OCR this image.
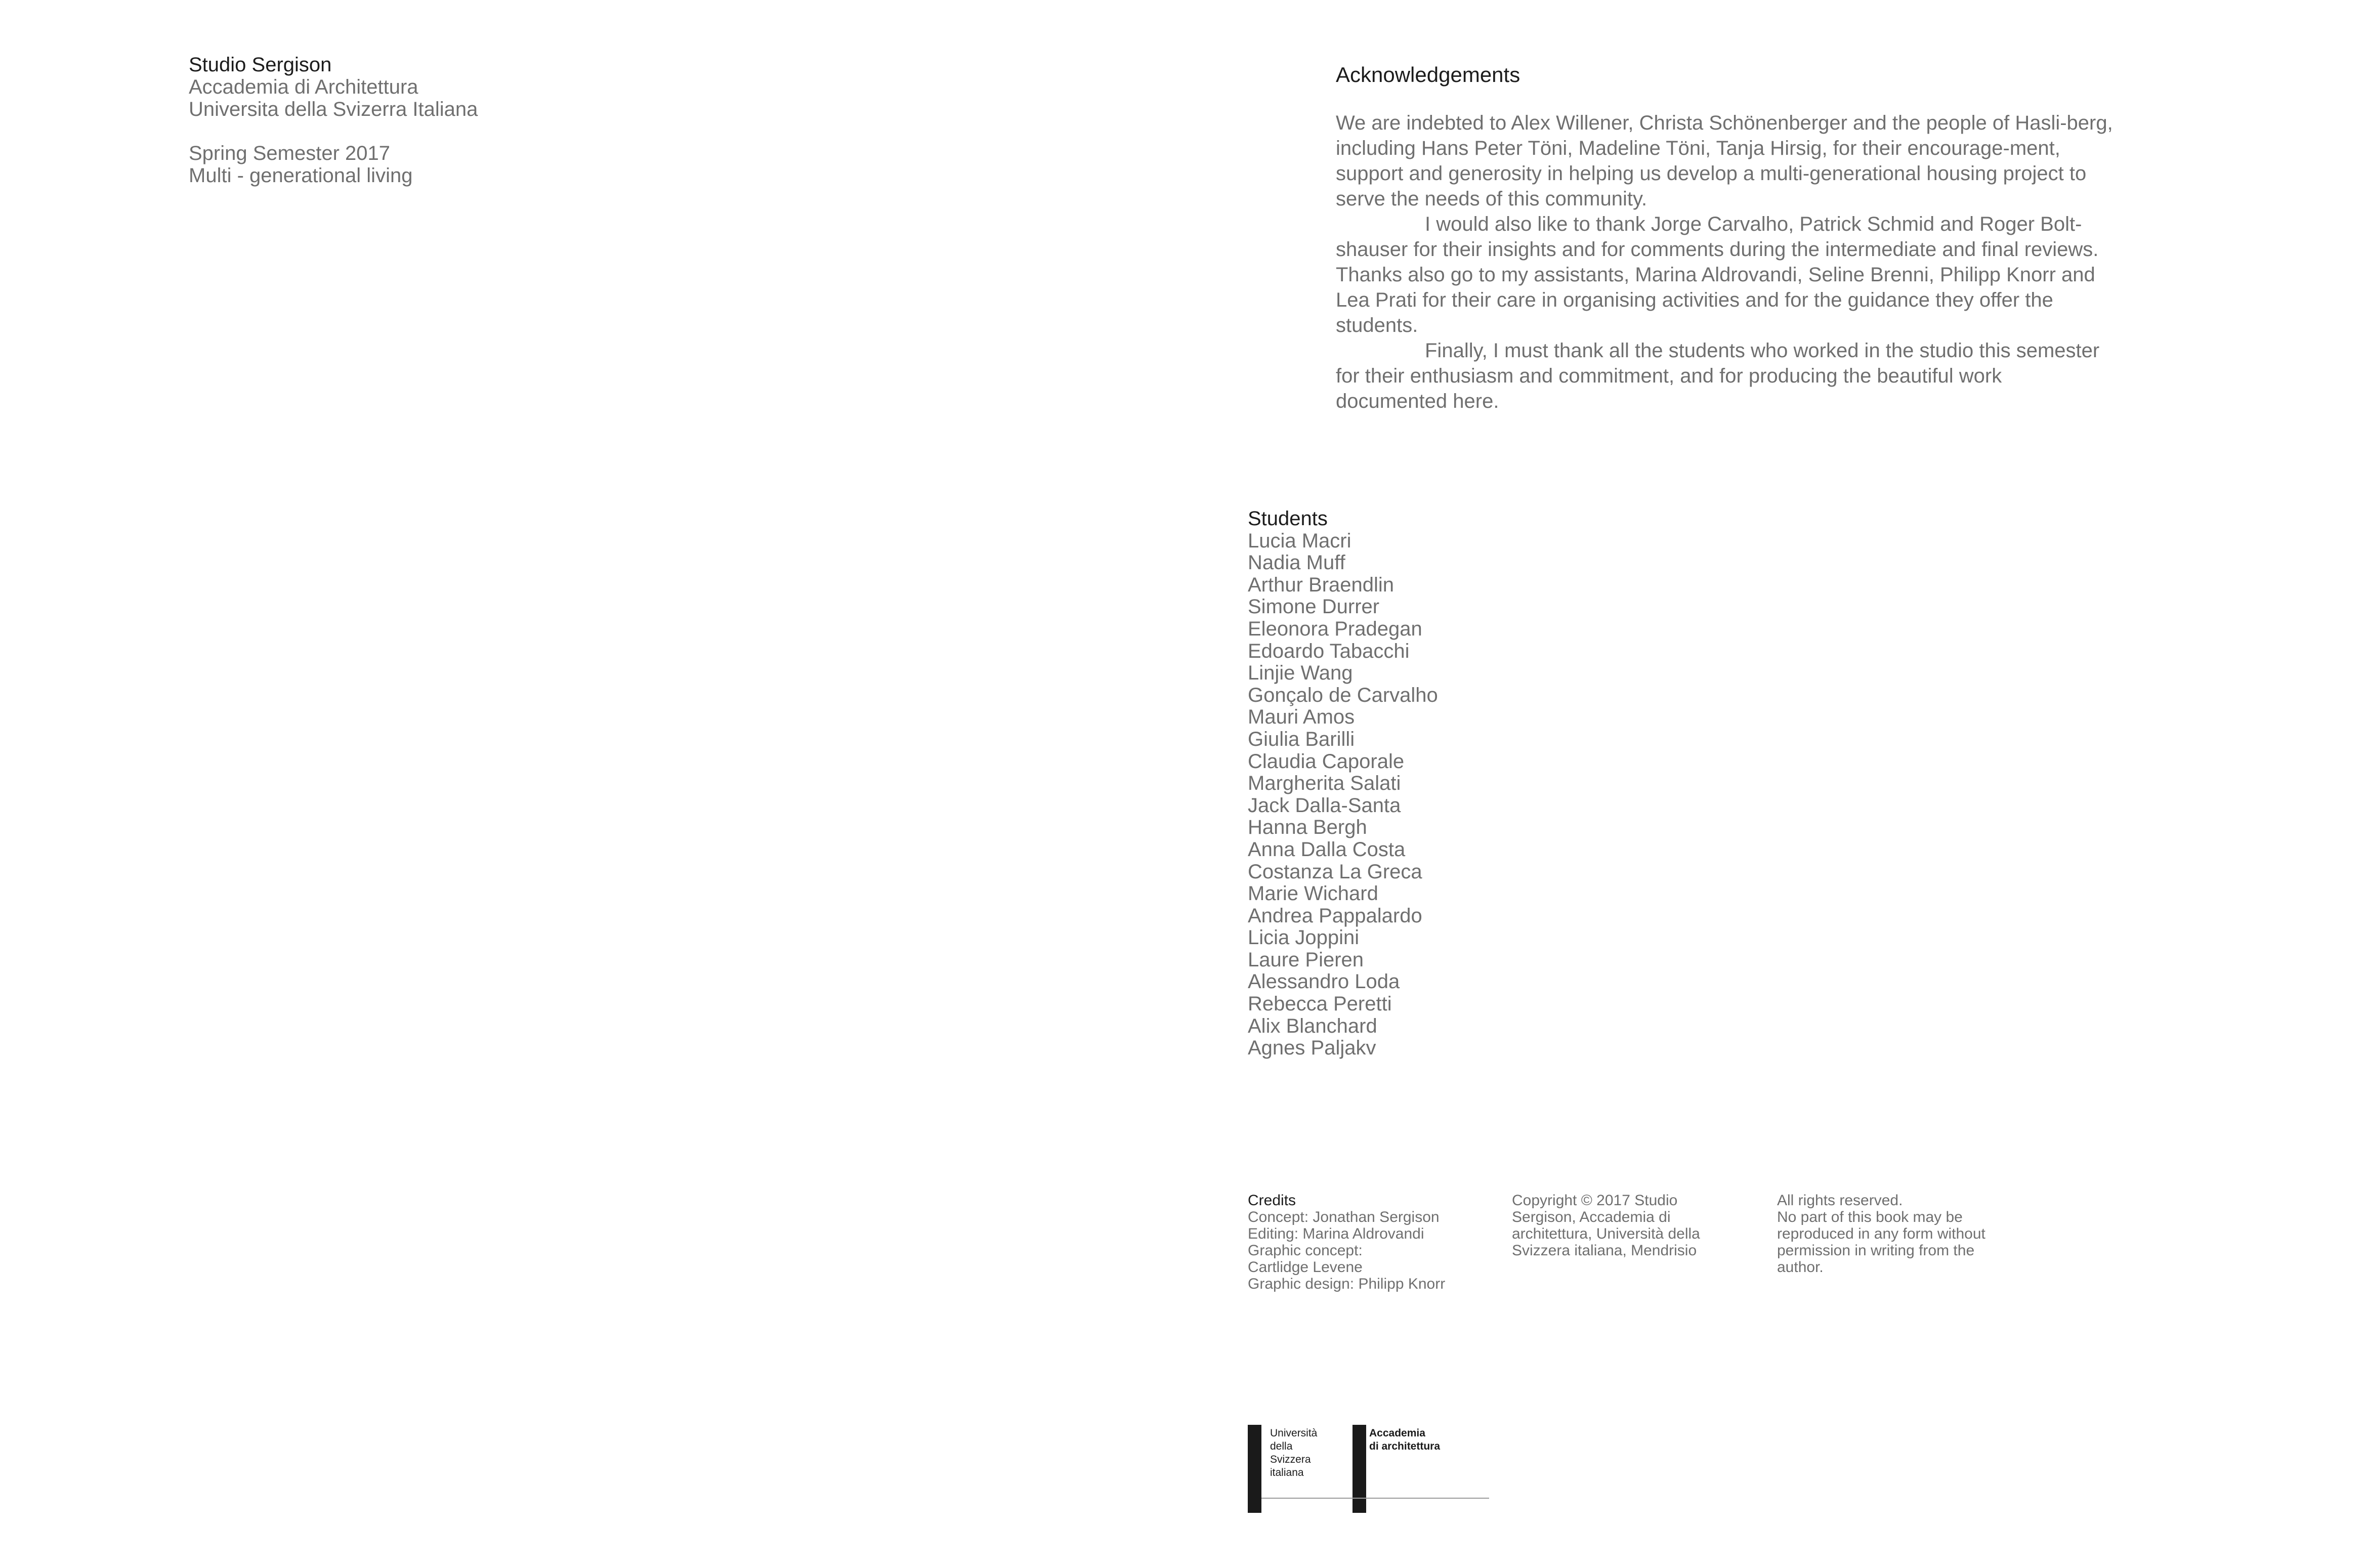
Studio Sergison
Accademia di Architettura
Universita della Svizerra Italiana
Spring Semester 2017
Multi - generational living
Acknowledgements

We are indebted to Alex Willener, Christa Schönenberger and the people of Hasli-berg, including Hans Peter Töni, Madeline Töni, Tanja Hirsig, for their encourage-ment, support and generosity in helping us develop a multi-generational housing project to serve the needs of this community.

I would also like to thank Jorge Carvalho, Patrick Schmid and Roger Bolt-shauser for their insights and for comments during the intermediate and final reviews. Thanks also go to my assistants, Marina Aldrovandi, Seline Brenni, Philipp Knorr and Lea Prati for their care in organising activities and for the guidance they offer the students.

Finally, I must thank all the students who worked in the studio this semester for their enthusiasm and commitment, and for producing the beautiful work documented here.

Students
Lucia Macri
Nadia Muff
Arthur Braendlin
Simone Durrer
Eleonora Pradegan
Edoardo Tabacchi
Linjie Wang
Gonçalo de Carvalho
Mauri Amos
Giulia Barilli
Claudia Caporale
Margherita Salati
Jack Dalla-Santa
Hanna Bergh
Anna Dalla Costa
Costanza La Greca
Marie Wichard
Andrea Pappalardo
Licia Joppini
Laure Pieren
Alessandro Loda
Rebecca Peretti
Alix Blanchard
Agnes Paljakv
Credits
Concept: Jonathan Sergison
Editing: Marina Aldrovandi
Graphic concept:
Cartlidge Levene
Graphic design: Philipp Knorr
Copyright © 2017 Studio
Sergison, Accademia di
architettura, Università della
Svizzera italiana, Mendrisio
All rights reserved.
No part of this book may be
reproduced in any form without
permission in writing from the
author.
Università
della
Svizzera
italiana
Accademia
di architettura
